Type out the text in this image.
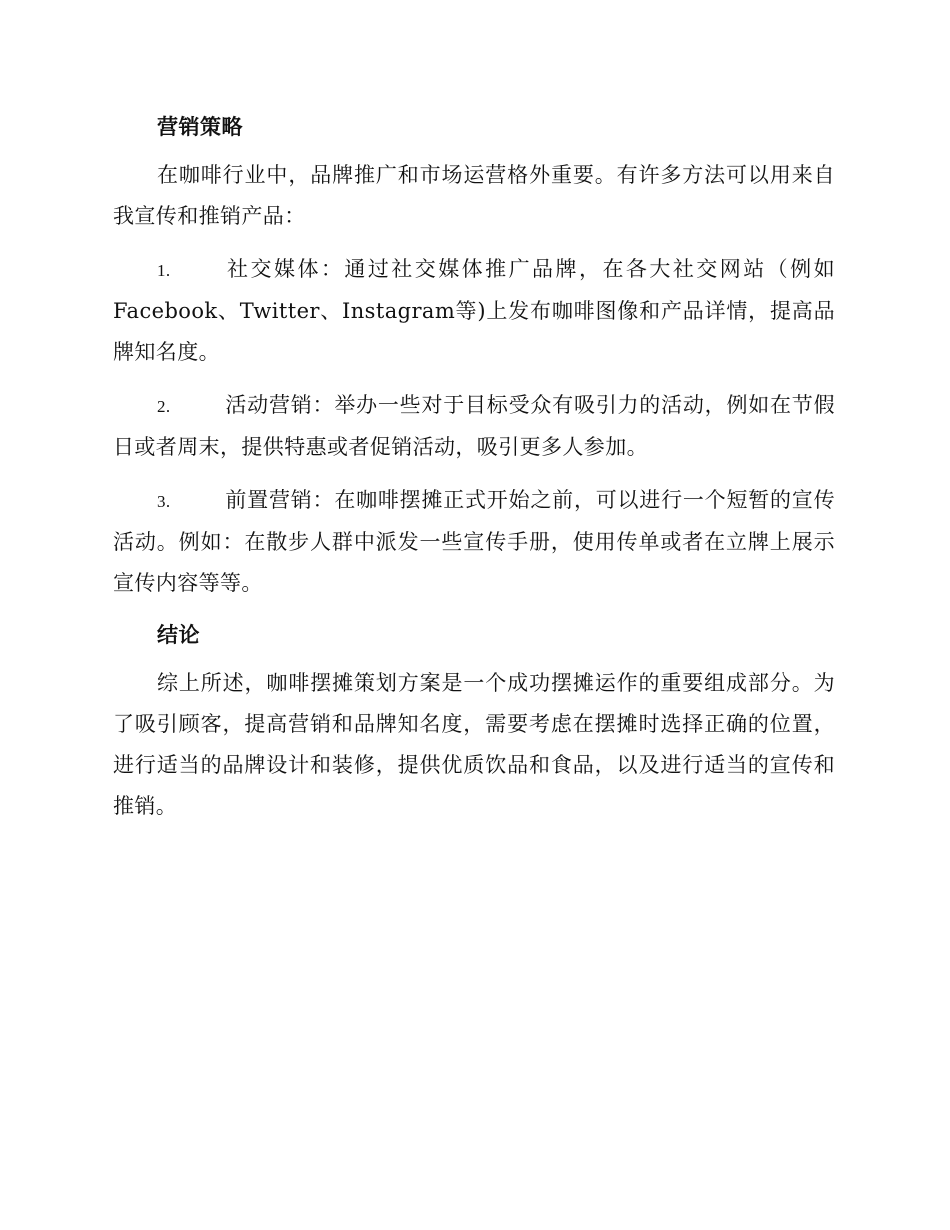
营销策略

在咖啡行业中，品牌推广和市场运营格外重要。有许多方法可以用来自我宣传和推销产品：

1.	社交媒体：通过社交媒体推广品牌，在各大社交网站（例如Facebook、Twitter、Instagram等)上发布咖啡图像和产品详情，提高品牌知名度。
2.	活动营销：举办一些对于目标受众有吸引力的活动，例如在节假日或者周末，提供特惠或者促销活动，吸引更多人参加。
3.	前置营销：在咖啡摆摊正式开始之前，可以进行一个短暂的宣传活动。例如：在散步人群中派发一些宣传手册，使用传单或者在立牌上展示宣传内容等等。
结论

综上所述，咖啡摆摊策划方案是一个成功摆摊运作的重要组成部分。为了吸引顾客，提高营销和品牌知名度，需要考虑在摆摊时选择正确的位置，进行适当的品牌设计和装修，提供优质饮品和食品，以及进行适当的宣传和推销。
